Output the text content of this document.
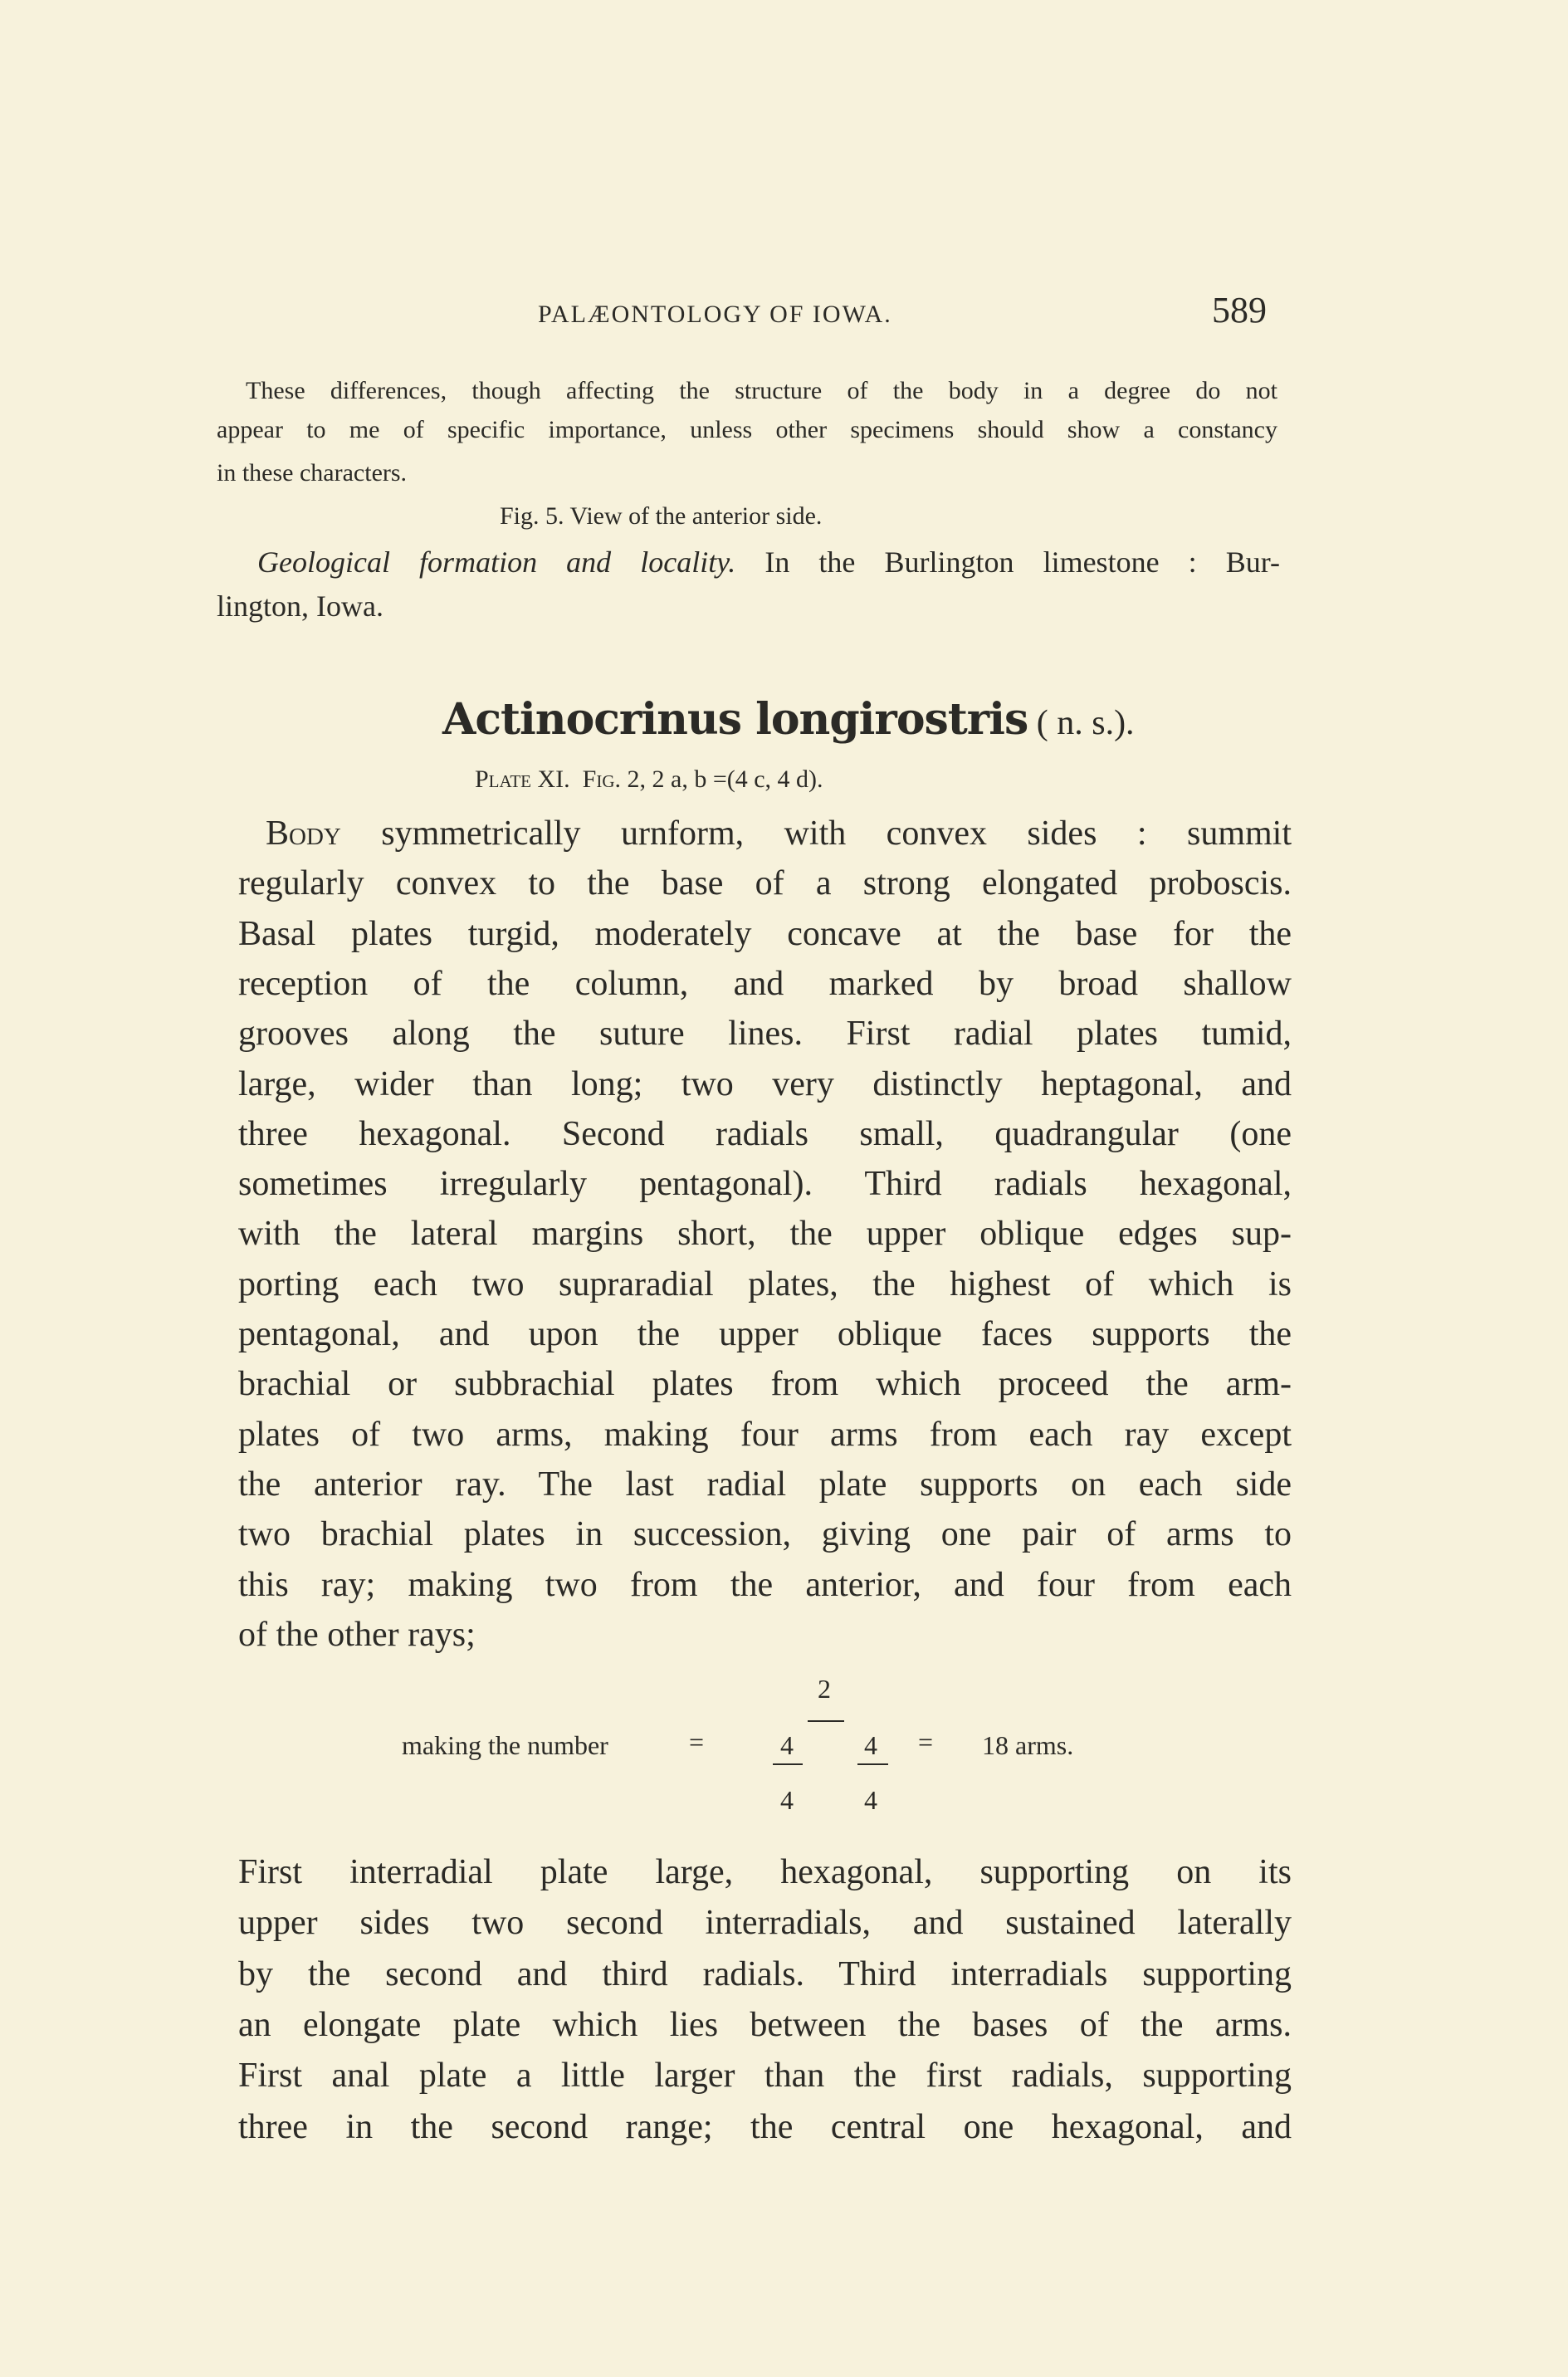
PALÆONTOLOGY OF IOWA.	589
These differences, though affecting the structure of the body in a degree do not
appear to me of specific importance, unless other specimens should show a constancy
in these characters.
Fig. 5. View of the anterior side.
Geological formation and locality. In the Burlington limestone : Bur-
lington, Iowa.
Actinocrinus longirostris ( n. s.).
Plate XI. Fig. 2, 2 a, b =(4 c, 4 d).
Body symmetrically urnform, with convex sides : summit
regularly convex to the base of a strong elongated proboscis.
Basal plates turgid, moderately concave at the base for the
reception of the column, and marked by broad shallow
grooves along the suture lines. First radial plates tumid,
large, wider than long; two very distinctly heptagonal, and
three hexagonal. Second radials small, quadrangular (one
sometimes irregularly pentagonal). Third radials hexagonal,
with the lateral margins short, the upper oblique edges sup-
porting each two supraradial plates, the highest of which is
pentagonal, and upon the upper oblique faces supports the
brachial or subbrachial plates from which proceed the arm-
plates of two arms, making four arms from each ray except
the anterior ray. The last radial plate supports on each side
two brachial plates in succession, giving one pair of arms to
this ray; making two from the anterior, and four from each
of the other rays;
making the number	=	4
2
4
4	4
= 18 arms.
First interradial plate large, hexagonal, supporting on its
upper sides two second interradials, and sustained laterally
by the second and third radials. Third interradials supporting
an elongate plate which lies between the bases of the arms.
First anal plate a little larger than the first radials, supporting
three in the second range; the central one hexagonal, and
